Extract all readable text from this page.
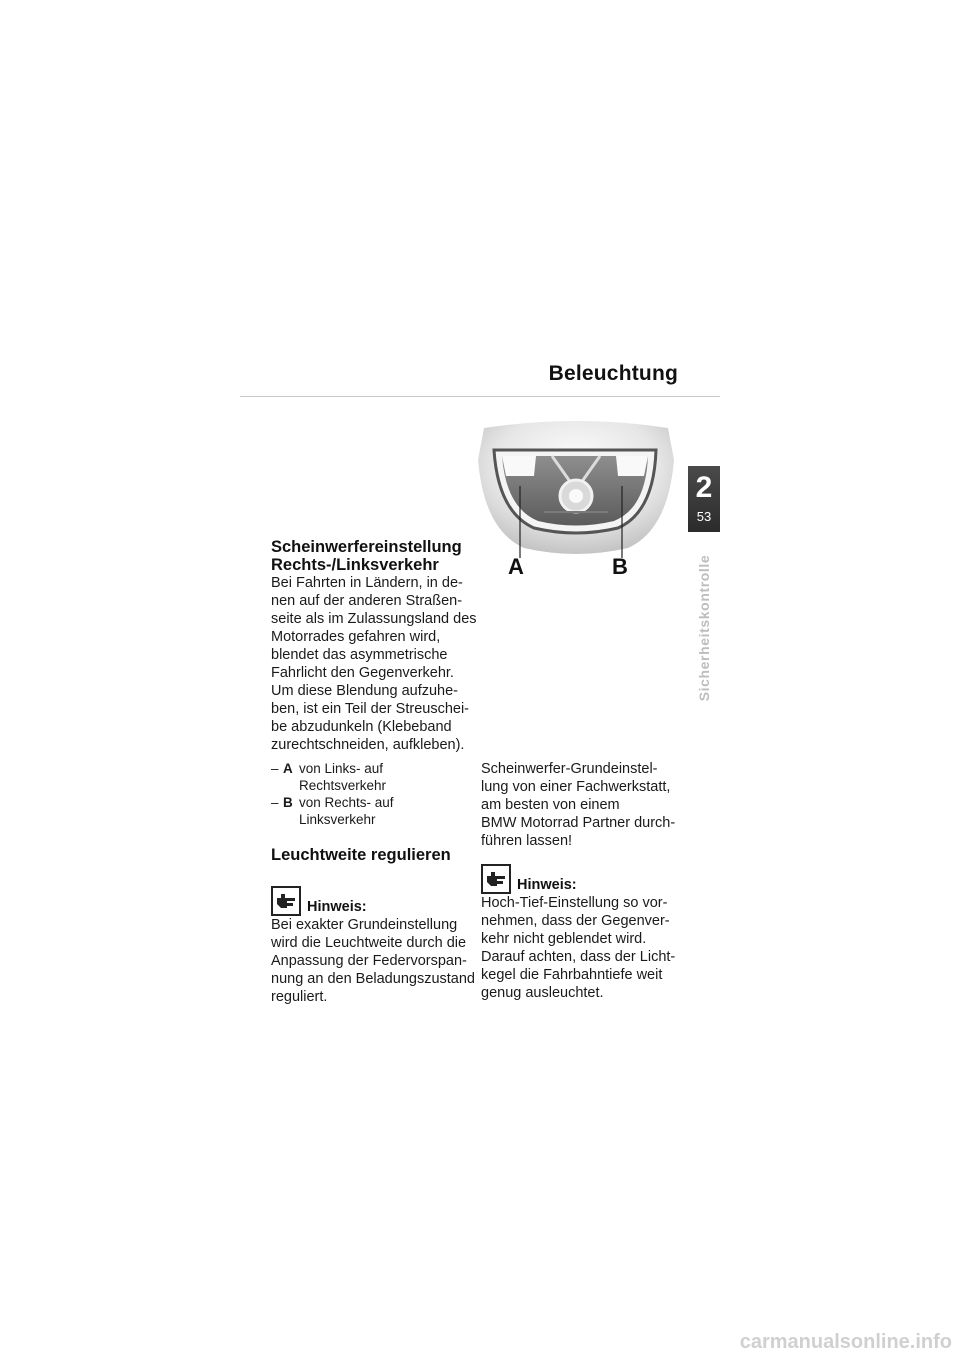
Beleuchtung
2
53
Sicherheitskontrolle
A	B
Scheinwerfereinstellung
Rechts-/Linksverkehr
Bei Fahrten in Ländern, in de-
nen auf der anderen Straßen-
seite als im Zulassungsland des
Motorrades gefahren wird,
blendet das asymmetrische
Fahrlicht den Gegenverkehr.
Um diese Blendung aufzuhe-
ben, ist ein Teil der Streuschei-
be abzudunkeln (Klebeband
zurechtschneiden, aufkleben).
– A von Links- auf
Rechtsverkehr
– B von Rechts- auf
Linksverkehr
Leuchtweite regulieren
Hinweis:
Bei exakter Grundeinstellung
wird die Leuchtweite durch die
Anpassung der Federvorspan-
nung an den Beladungszustand
reguliert.
Scheinwerfer-Grundeinstel-
lung von einer Fachwerkstatt,
am besten von einem
BMW Motorrad Partner durch-
führen lassen!
Hinweis:
Hoch-Tief-Einstellung so vor-
nehmen, dass der Gegenver-
kehr nicht geblendet wird.
Darauf achten, dass der Licht-
kegel die Fahrbahntiefe weit
genug ausleuchtet.
carmanualsonline.info
